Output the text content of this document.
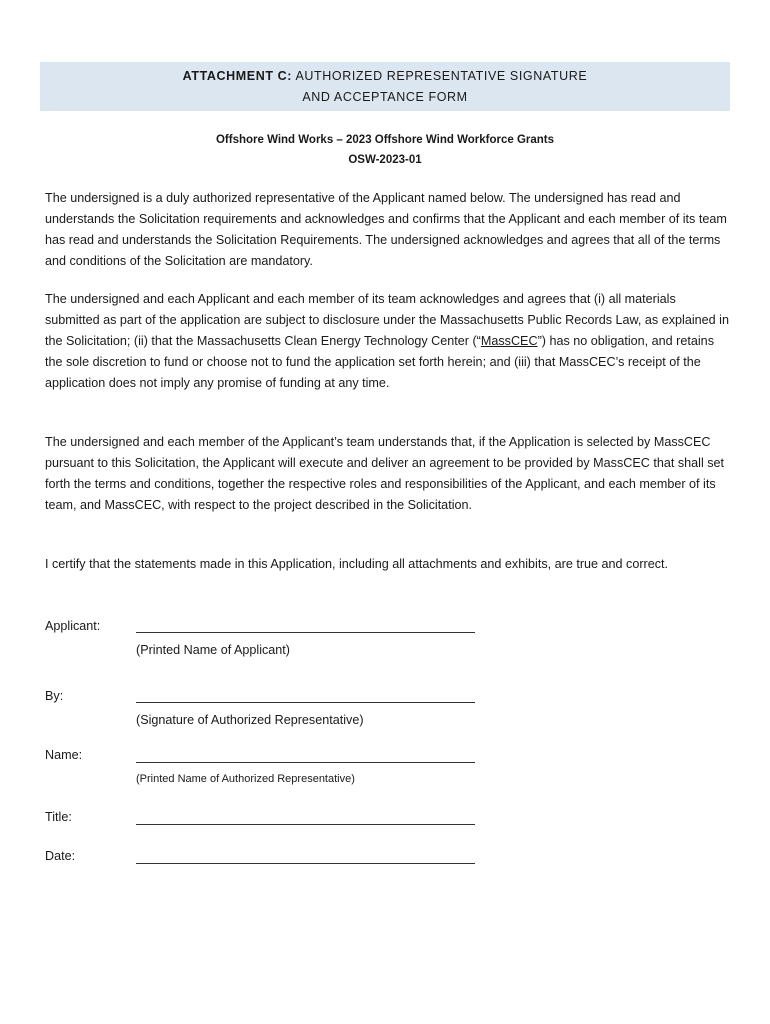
ATTACHMENT C: AUTHORIZED REPRESENTATIVE SIGNATURE
AND ACCEPTANCE FORM
Offshore Wind Works – 2023 Offshore Wind Workforce Grants
OSW-2023-01

The undersigned is a duly authorized representative of the Applicant named below. The undersigned has read and understands the Solicitation requirements and acknowledges and confirms that the Applicant and each member of its team has read and understands the Solicitation Requirements. The undersigned acknowledges and agrees that all of the terms and conditions of the Solicitation are mandatory.

The undersigned and each Applicant and each member of its team acknowledges and agrees that (i) all materials submitted as part of the application are subject to disclosure under the Massachusetts Public Records Law, as explained in the Solicitation; (ii) that the Massachusetts Clean Energy Technology Center (“MassCEC”) has no obligation, and retains the sole discretion to fund or choose not to fund the application set forth herein; and (iii) that MassCEC’s receipt of the application does not imply any promise of funding at any time.

The undersigned and each member of the Applicant’s team understands that, if the Application is selected by MassCEC pursuant to this Solicitation, the Applicant will execute and deliver an agreement to be provided by MassCEC that shall set forth the terms and conditions, together the respective roles and responsibilities of the Applicant, and each member of its team, and MassCEC, with respect to the project described in the Solicitation.

I certify that the statements made in this Application, including all attachments and exhibits, are true and correct.

Applicant:
(Printed Name of Applicant)
By:
(Signature of Authorized Representative)
Name:
(Printed Name of Authorized Representative)
Title:
Date:
